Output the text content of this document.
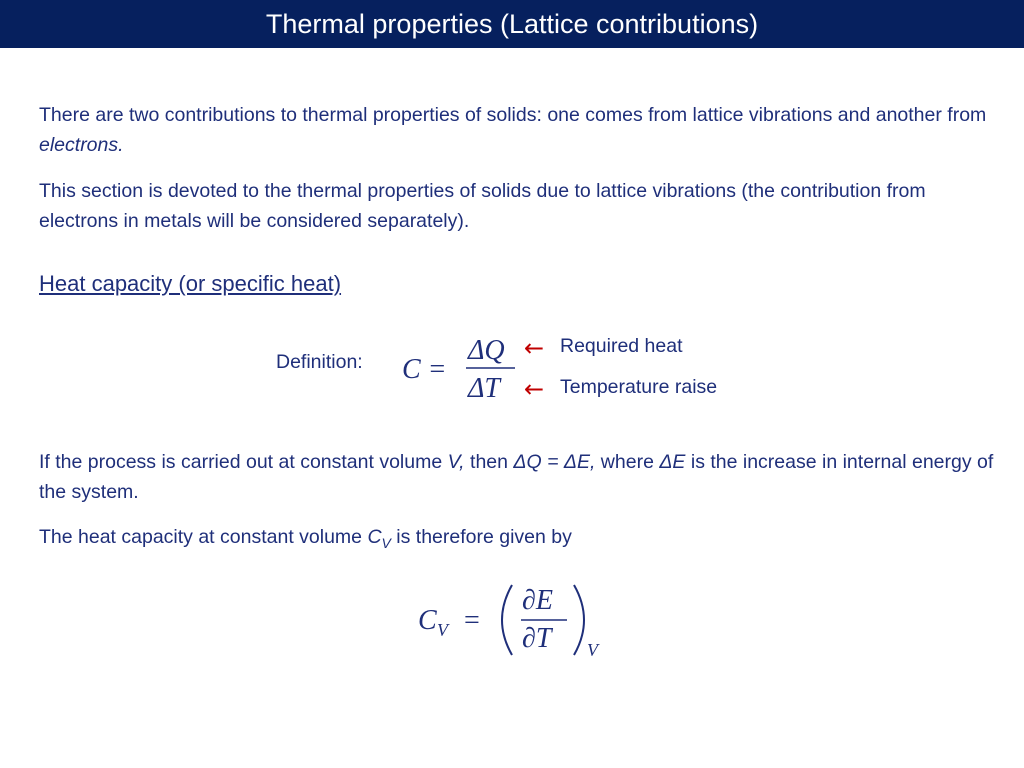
Thermal properties (Lattice contributions)

There are two contributions to thermal properties of solids: one comes from lattice vibrations and another from electrons.

This section is devoted to the thermal properties of solids due to lattice vibrations (the contribution from electrons in metals will be considered separately).

Heat capacity (or specific heat)

Definition: C =
ΔQ
ΔT
← Required heat
← Temperature raise

If the process is carried out at constant volume V, then ΔQ = ΔE, where ΔE is the increase in internal energy of the system.

The heat capacity at constant volume $C_V$ is therefore given by

C V =
∂E
∂T V
